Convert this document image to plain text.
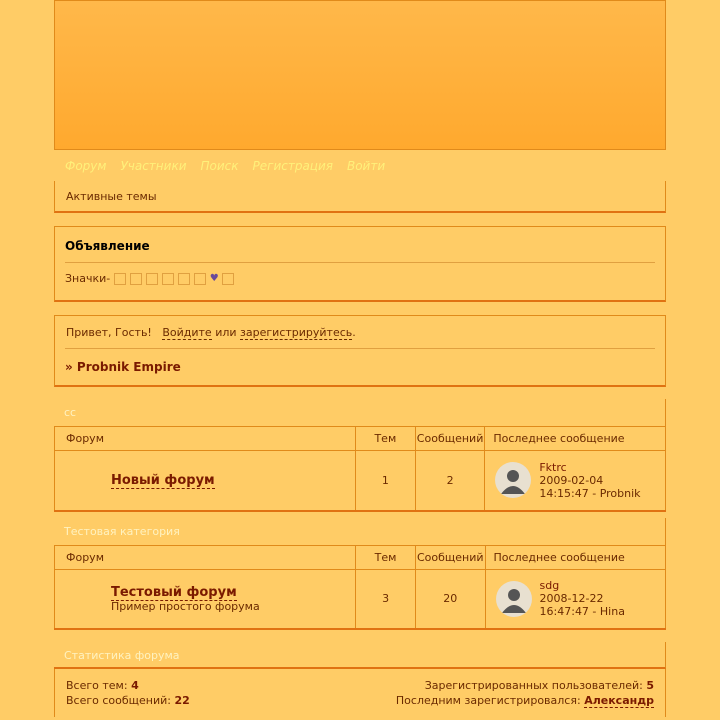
Форум Участники Поиск Регистрация Войти
Активные темы
Объявление
Значки-
	♥
Привет, Гость! Войдите или зарегистрируйтесь.
» Probnik Empire
сс
Форум	Тем	Сообщений	Последнее сообщение
Новый форум	1	2	Fktrc
2009-02-04
14:15:47 - Probnik
Тестовая категория
Форум	Тем	Сообщений	Последнее сообщение
Тестовый форум
Пример простого форума	3	20	sdg
2008-12-22
16:47:47 - Hina
Статистика форума
Всего тем: 4
Всего сообщений: 22
Зарегистрированных пользователей: 5
Последним зарегистрировался: Александр
